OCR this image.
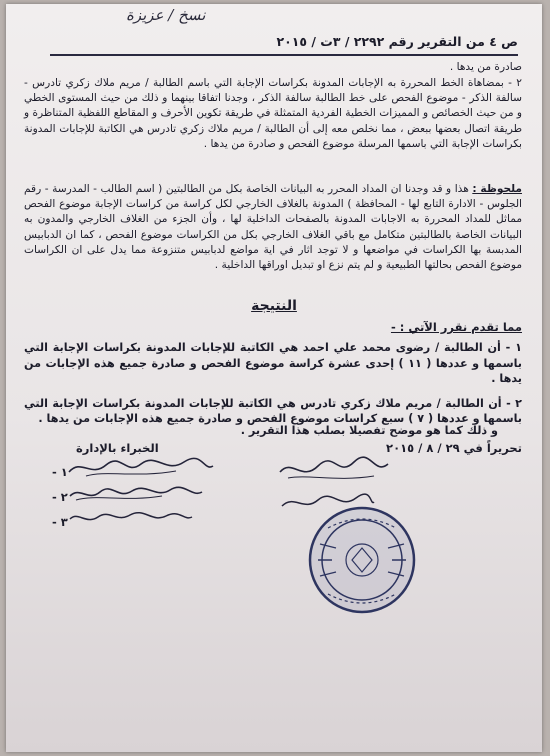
نسخ / عزيزة
ص ٤ من التقرير رقم ٢٢٩٢ / ٣ت / ٢٠١٥
صادرة من يدها .
٢ - بمضاهاة الخط المحررة به الإجابات المدونة بكراسات الإجابة التي باسم الطالبة / مريم ملاك زكري تادرس - سالفة الذكر - موضوع الفحص على خط الطالبة سالفة الذكر ، وجدنا اتفاقا بينهما و ذلك من حيث المستوى الخطي و من حيث الخصائص و المميزات الخطية الفردية المتمثلة في طريقة تكوين الأحرف و المقاطع اللفظية المتناظرة و طريقة اتصال بعضها ببعض ، مما نخلص معه إلى أن الطالبة / مريم ملاك زكري تادرس هي الكاتبة للإجابات المدونة بكراسات الإجابة التي باسمها المرسلة موضوع الفحص و صادرة من يدها .
ملحوظة : هذا و قد وجدنا ان المداد المحرر به البيانات الخاصة بكل من الطالبتين ( اسم الطالب - المدرسة - رقم الجلوس - الادارة التابع لها - المحافظة ) المدونة بالغلاف الخارجي لكل كراسة من كراسات الإجابة موضوع الفحص مماثل للمداد المحررة به الاجابات المدونة بالصفحات الداخلية لها ، وأن الجزء من الغلاف الخارجي والمدون به البيانات الخاصة بالطالبتين متكامل مع باقي الغلاف الخارجي بكل من الكراسات موضوع الفحص ، كما ان الدبابيس المدبسة بها الكراسات في مواضعها و لا توجد اثار في اية مواضع لدبابيس متنزوعة مما يدل على ان الكراسات موضوع الفحص بحالتها الطبيعية و لم يتم نزع او تبديل اوراقها الداخلية .
النتيجة
مما تقدم نقرر الآتي : -
١ - أن الطالبة / رضوى محمد علي احمد هي الكاتبة للإجابات المدونة بكراسات الإجابة التي باسمها و عددها ( ١١ ) إحدى عشرة كراسة موضوع الفحص و صادرة جميع هذه الإجابات من يدها .
٢ - أن الطالبة / مريم ملاك زكري تادرس هي الكاتبة للإجابات المدونة بكراسات الإجابة التي باسمها و عددها ( ٧ ) سبع كراسات موضوع الفحص و صادرة جميع هذه الإجابات من يدها .
و ذلك كما هو موضح تفصيلا بصلب هذا التقرير .
تحريراً في ٢٩ / ٨ / ٢٠١٥
الخبراء بالإدارة
١ -
٢ -
٣ -
